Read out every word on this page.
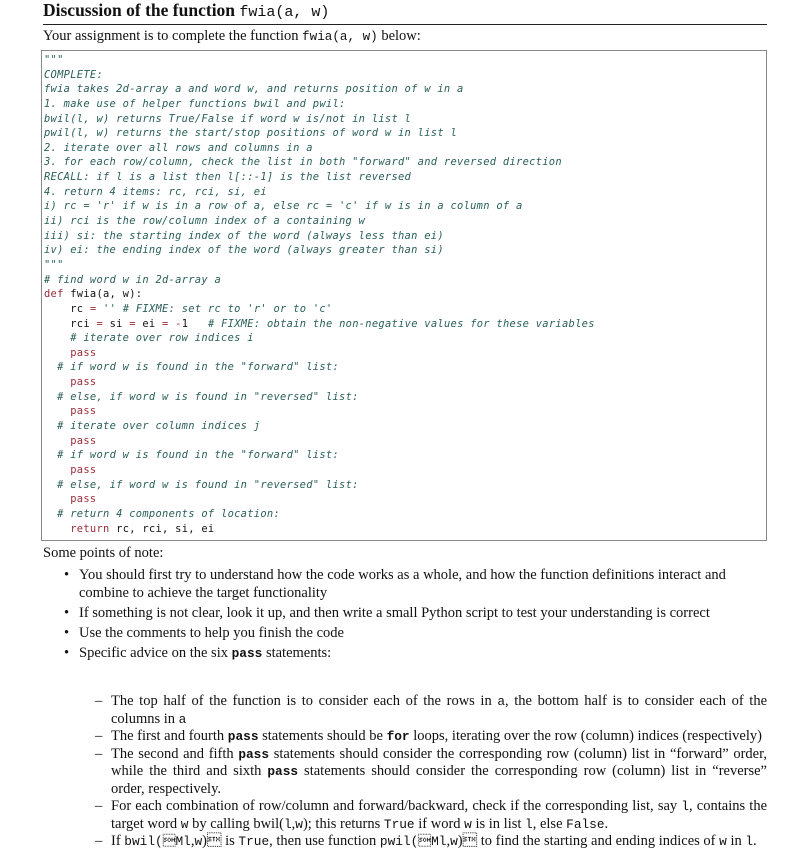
Discussion of the function fwia(a, w)
Your assignment is to complete the function fwia(a, w) below:
"""
COMPLETE:
fwia takes 2d-array a and word w, and returns position of w in a
1. make use of helper functions bwil and pwil:
bwil(l, w) returns True/False if word w is/not in list l
pwil(l, w) returns the start/stop positions of word w in list l
2. iterate over all rows and columns in a
3. for each row/column, check the list in both "forward" and reversed direction
RECALL: if l is a list then l[::-1] is the list reversed
4. return 4 items: rc, rci, si, ei
i) rc = 'r' if w is in a row of a, else rc = 'c' if w is in a column of a
ii) rci is the row/column index of a containing w
iii) si: the starting index of the word (always less than ei)
iv) ei: the ending index of the word (always greater than si)
"""
# find word w in 2d-array a
def fwia(a, w):
rc = '' # FIXME: set rc to 'r' or to 'c'
rci = si = ei = -1   # FIXME: obtain the non-negative values for these variables
# iterate over row indices i
pass
# if word w is found in the "forward" list:
pass
# else, if word w is found in "reversed" list:
pass
# iterate over column indices j
pass
# if word w is found in the "forward" list:
pass
# else, if word w is found in "reversed" list:
pass
# return 4 components of location:
return rc, rci, si, ei
Some points of note:
• You should first try to understand how the code works as a whole, and how the function definitions interact and combine to achieve the target functionality
• If something is not clear, look it up, and then write a small Python script to test your understanding is correct
• Use the comments to help you finish the code
• Specific advice on the six pass statements:
– The top half of the function is to consider each of the rows in a, the bottom half is to consider each of the columns in a
– The first and fourth pass statements should be for loops, iterating over the row (column) indices (respectively)
– The second and fifth pass statements should consider the corresponding row (column) list in “forward” order, while the third and sixth pass statements should consider the corresponding row (column) list in “reverse” order, respectively.
– For each combination of row/column and forward/backward, check if the corresponding list, say l, contains the target word w by calling bwil(l,w); this returns True if word w is in list l, else False.
– If bwil(Ml,w) is True, then use function pwil(Ml,w) to find the starting and ending indices of w in l.
